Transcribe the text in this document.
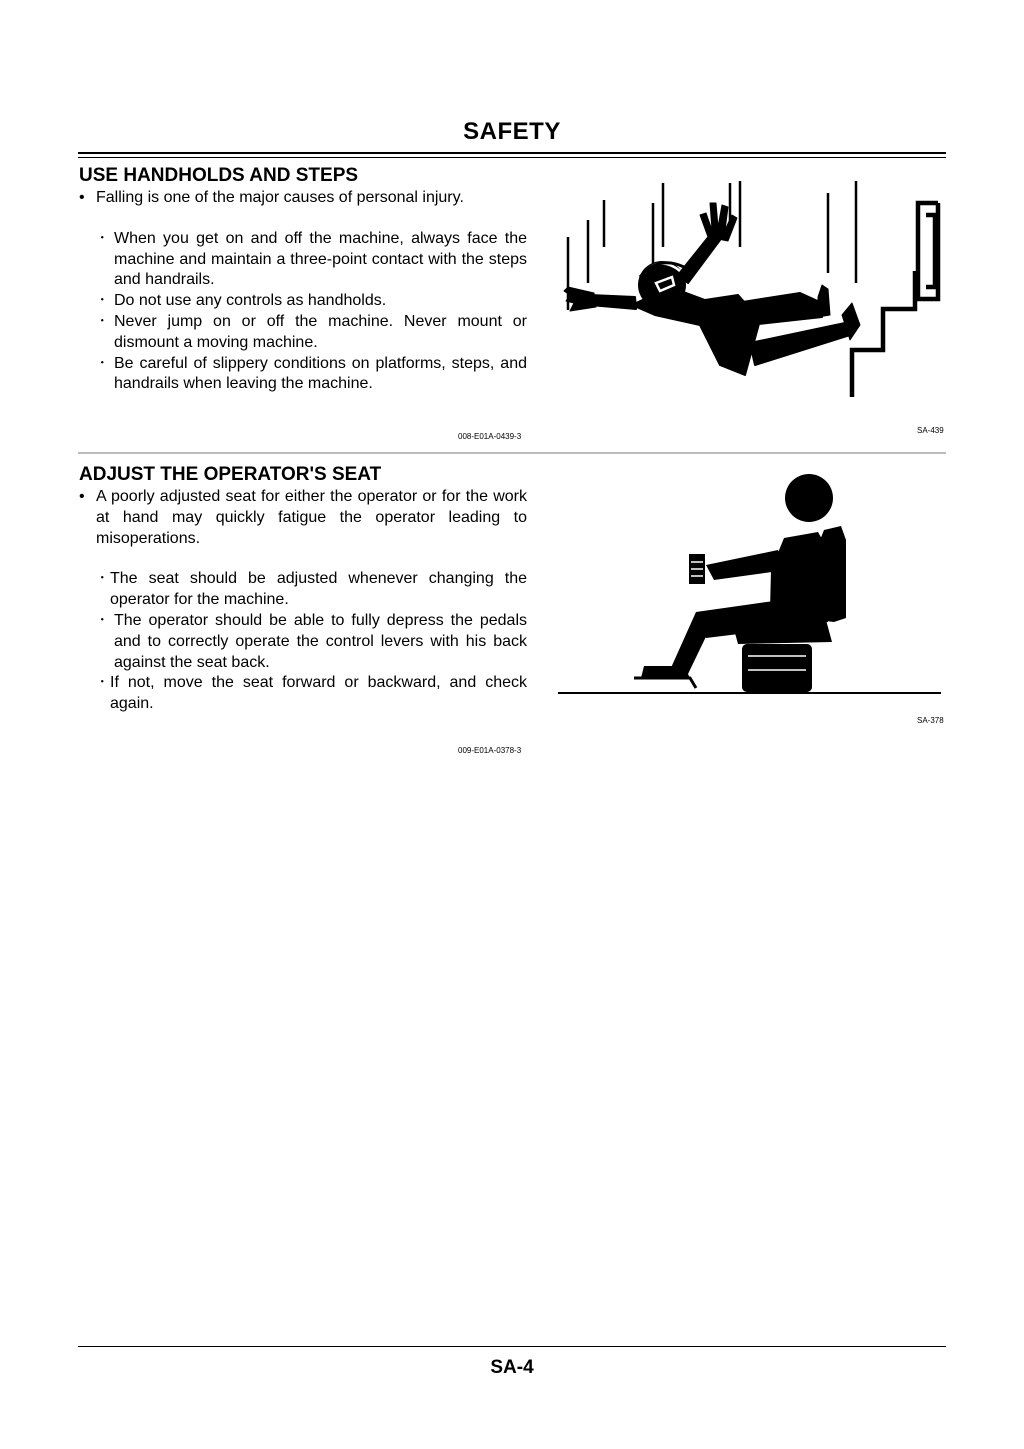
SAFETY
USE HANDHOLDS AND STEPS
• Falling is one of the major causes of personal injury.
･ When you get on and off the machine, always face the machine and maintain a three-point contact with the steps and handrails.
･ Do not use any controls as handholds.
･ Never jump on or off the machine. Never mount or dismount a moving machine.
･ Be careful of slippery conditions on platforms, steps, and handrails when leaving the machine.
008-E01A-0439-3
SA-439
ADJUST THE OPERATOR'S SEAT
• A poorly adjusted seat for either the operator or for the work at hand may quickly fatigue the operator leading to misoperations.
･ The seat should be adjusted whenever changing the operator for the machine.
･ The operator should be able to fully depress the pedals and to correctly operate the control levers with his back against the seat back.
･ If not, move the seat forward or backward, and check again.
SA-378
009-E01A-0378-3
SA-4
